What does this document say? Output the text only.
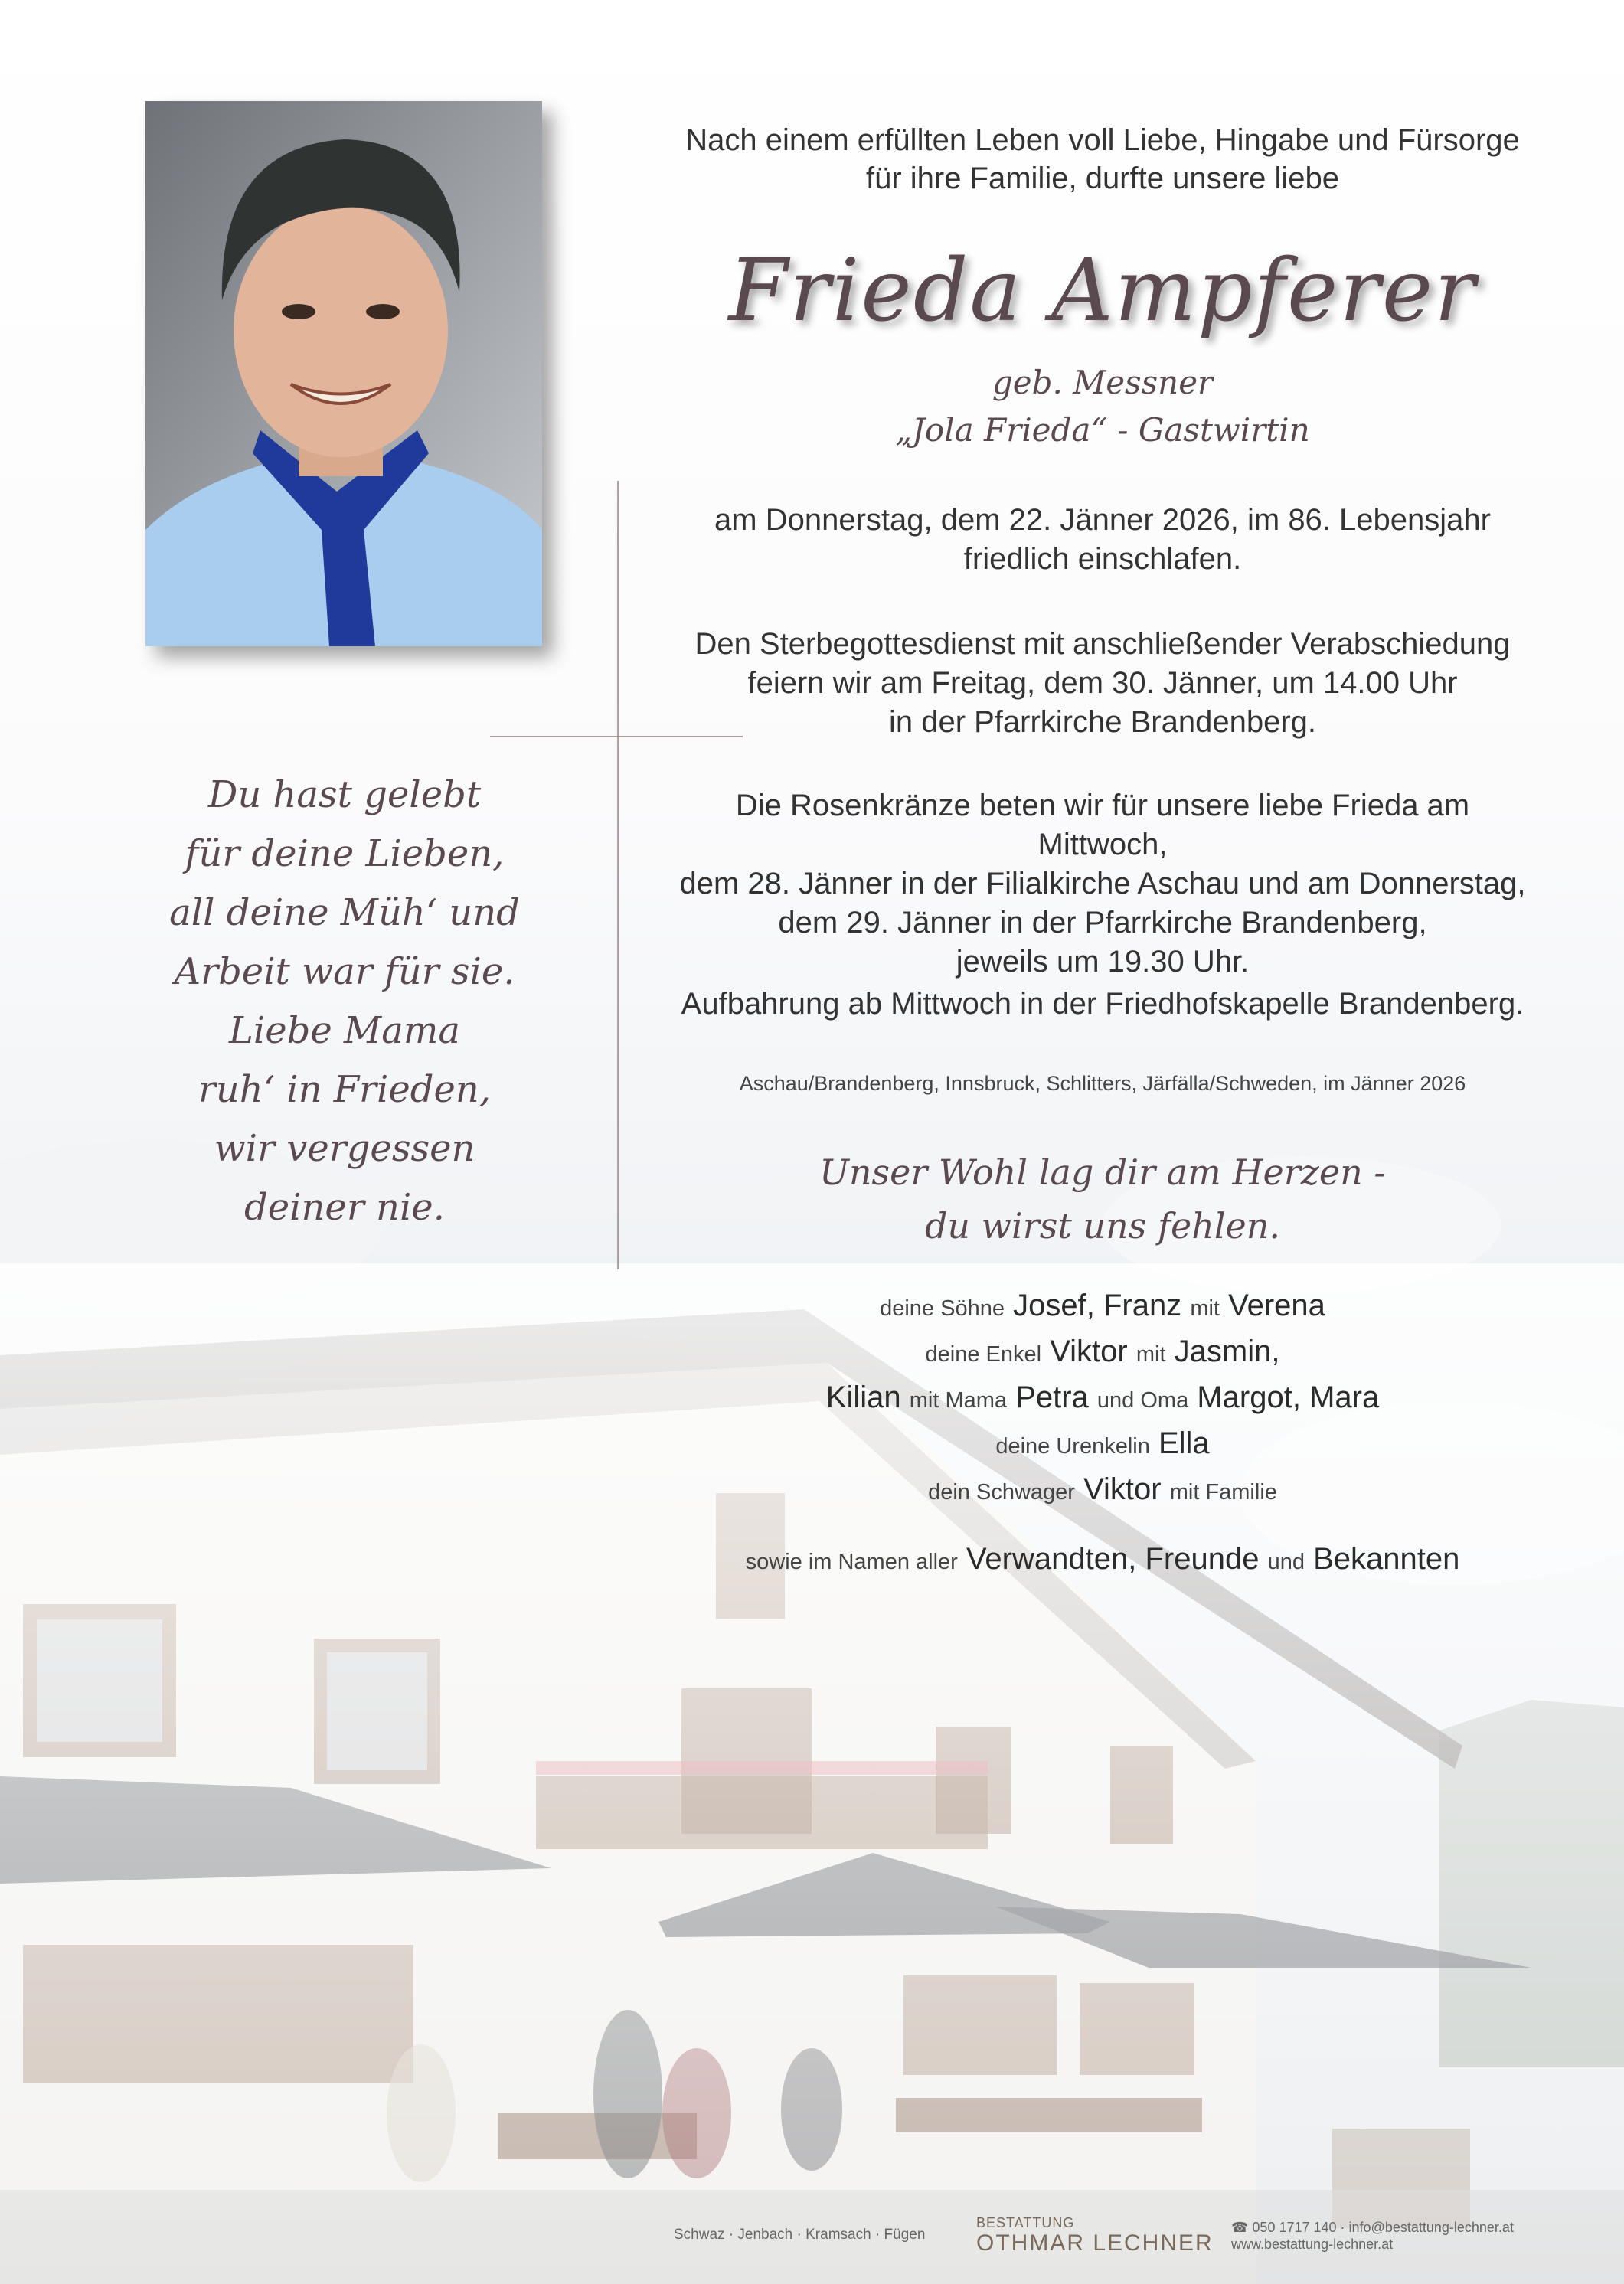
Nach einem erfüllten Leben voll Liebe, Hingabe und Fürsorge
für ihre Familie, durfte unsere liebe
Frieda Ampferer
geb. Messner
„Jola Frieda“ - Gastwirtin
am Donnerstag, dem 22. Jänner 2026, im 86. Lebensjahr
friedlich einschlafen.
Den Sterbegottesdienst mit anschließender Verabschiedung
feiern wir am Freitag, dem 30. Jänner, um 14.00 Uhr
in der Pfarrkirche Brandenberg.
Die Rosenkränze beten wir für unsere liebe Frieda am Mittwoch,
dem 28. Jänner in der Filialkirche Aschau und am Donnerstag,
dem 29. Jänner in der Pfarrkirche Brandenberg,
jeweils um 19.30 Uhr.
Aufbahrung ab Mittwoch in der Friedhofskapelle Brandenberg.
Aschau/Brandenberg, Innsbruck, Schlitters, Järfälla/Schweden, im Jänner 2026
Unser Wohl lag dir am Herzen -
du wirst uns fehlen.
Du hast gelebt
für deine Lieben,
all deine Müh‘ und
Arbeit war für sie.
Liebe Mama
ruh‘ in Frieden,
wir vergessen
deiner nie.
deine Söhne Josef, Franz mit Verena
deine Enkel Viktor mit Jasmin,
Kilian mit Mama Petra und Oma Margot, Mara
deine Urenkelin Ella
dein Schwager Viktor mit Familie
sowie im Namen aller Verwandten, Freunde und Bekannten
Schwaz · Jenbach · Kramsach · Fügen
BESTATTUNG
OTHMAR LECHNER
☎ 050 1717 140 · info@bestattung-lechner.at
www.bestattung-lechner.at
